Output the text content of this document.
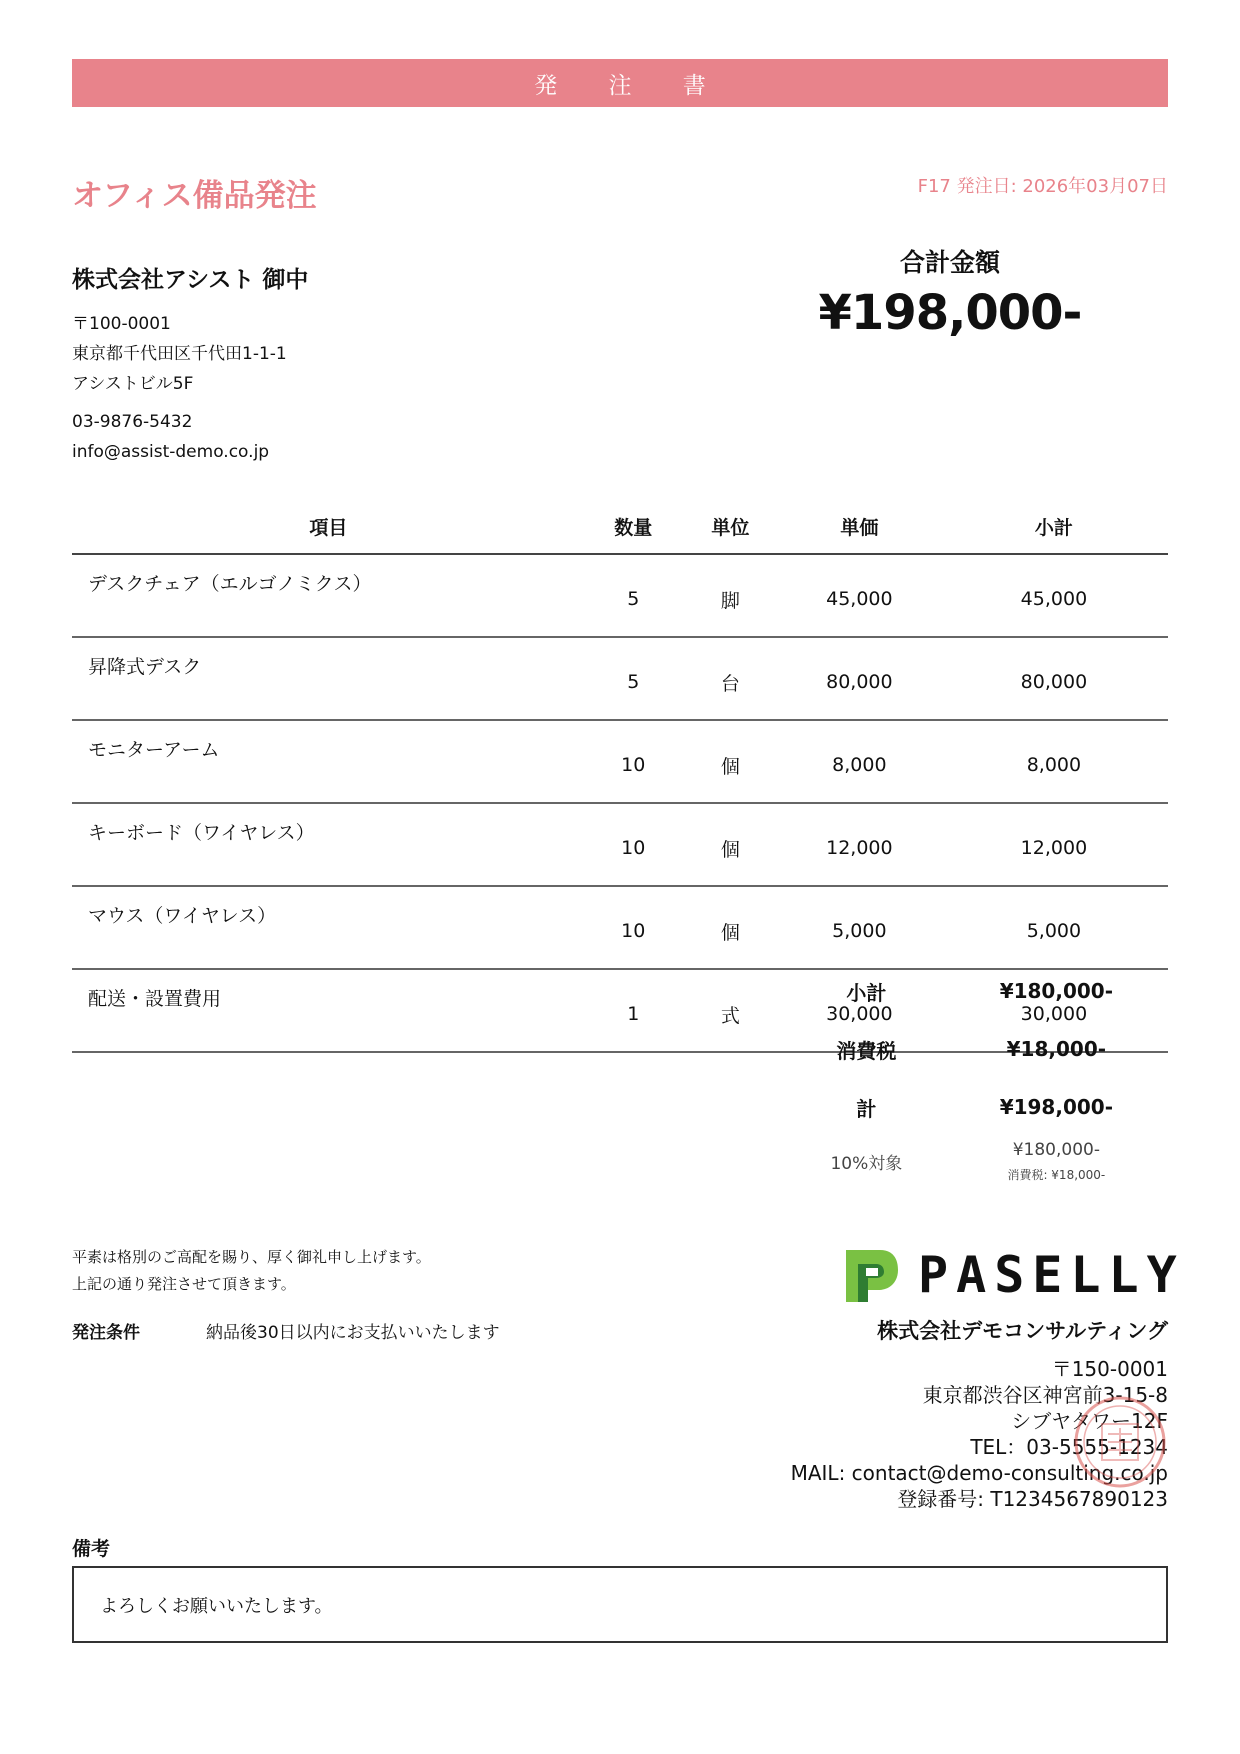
発 注 書
オフィス備品発注	F17 発注日: 2026年03月07日
株式会社アシスト 御中
〒100-0001
東京都千代田区千代田1-1-1
アシストビル5F
03-9876-5432
info@assist-demo.co.jp
合計金額
¥198,000-
項目	数量	単位	単価	小計
デスクチェア（エルゴノミクス）	5	脚	45,000	45,000
昇降式デスク	5	台	80,000	80,000
モニターアーム	10	個	8,000	8,000
キーボード（ワイヤレス）	10	個	12,000	12,000
マウス（ワイヤレス）	10	個	5,000	5,000
配送・設置費用	1	式	30,000	30,000
小計	¥180,000-
消費税	¥18,000-
計	¥198,000-
10%対象
¥180,000-
消費税: ¥18,000-
平素は格別のご高配を賜り、厚く御礼申し上げます。
上記の通り発注させて頂きます。
発注条件	納品後30日以内にお支払いいたします
PASELLY
株式会社デモコンサルティング
〒150-0001
東京都渋谷区神宮前3-15-8
シブヤタワー12F
TEL：03-5555-1234
MAIL: contact@demo-consulting.co.jp
登録番号: T1234567890123
備考
よろしくお願いいたします。
